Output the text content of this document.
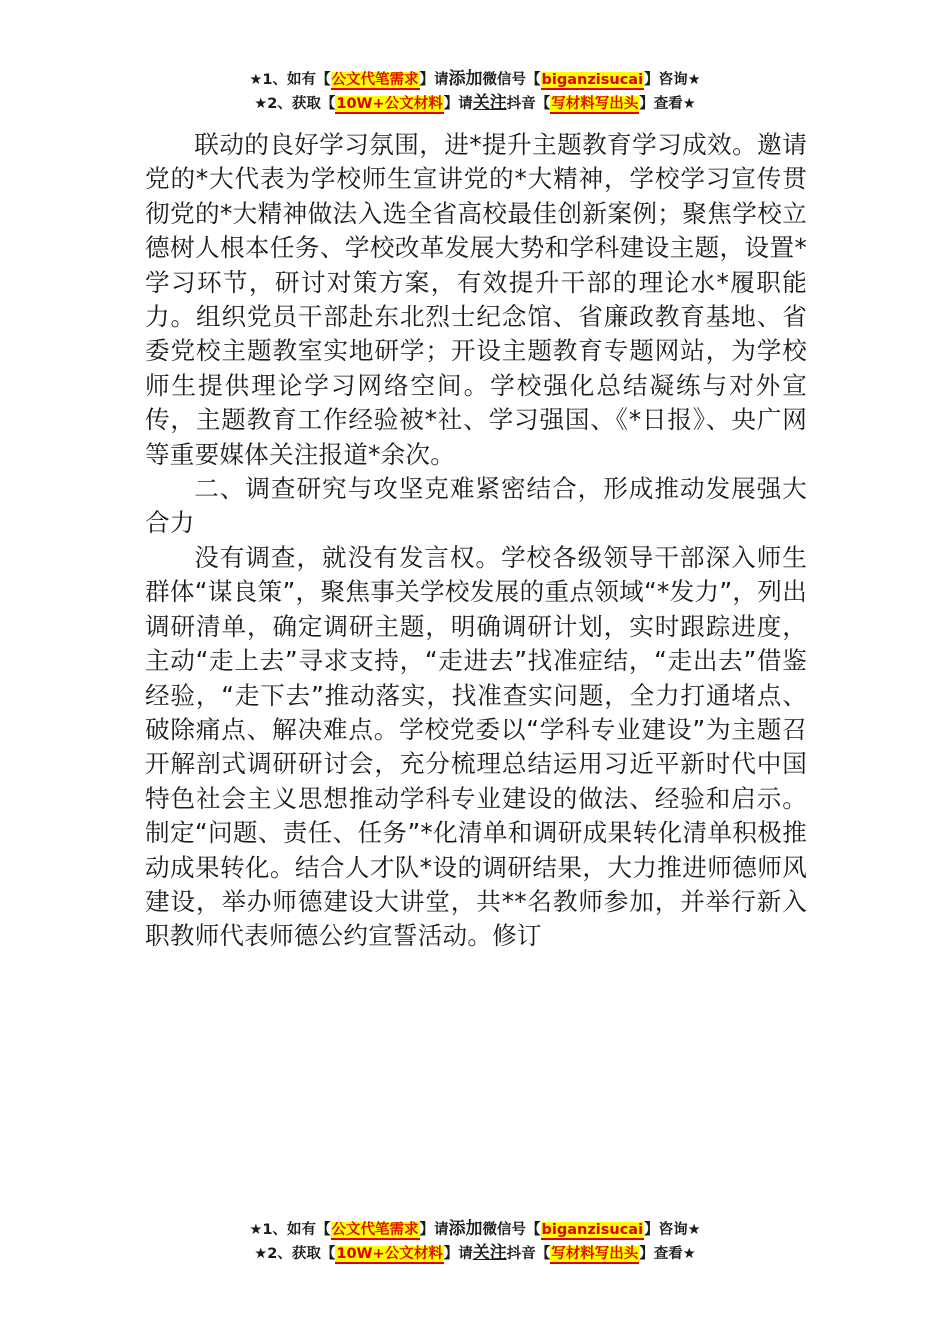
★1、如有【公文代笔需求】请添加微信号【biganzisucai】咨询★
★2、获取【10W+公文材料】请关注抖音【写材料写出头】查看★

联动的良好学习氛围，进*提升主题教育学习成效。邀请党的*大代表为学校师生宣讲党的*大精神，学校学习宣传贯彻党的*大精神做法入选全省高校最佳创新案例；聚焦学校立德树人根本任务、学校改革发展大势和学科建设主题，设置*学习环节，研讨对策方案，有效提升干部的理论水*履职能力。组织党员干部赴东北烈士纪念馆、省廉政教育基地、省委党校主题教室实地研学；开设主题教育专题网站，为学校师生提供理论学习网络空间。学校强化总结凝练与对外宣传，主题教育工作经验被*社、学习强国、《*日报》、央广网等重要媒体关注报道*余次。

二、调查研究与攻坚克难紧密结合，形成推动发展强大合力

没有调查，就没有发言权。学校各级领导干部深入师生群体“谋良策”，聚焦事关学校发展的重点领域“*发力”，列出调研清单，确定调研主题，明确调研计划，实时跟踪进度，主动“走上去”寻求支持，“走进去”找准症结，“走出去”借鉴经验，“走下去”推动落实，找准查实问题，全力打通堵点、破除痛点、解决难点。学校党委以“学科专业建设”为主题召开解剖式调研研讨会，充分梳理总结运用习近平新时代中国特色社会主义思想推动学科专业建设的做法、经验和启示。制定“问题、责任、任务”*化清单和调研成果转化清单积极推动成果转化。结合人才队*设的调研结果，大力推进师德师风建设，举办师德建设大讲堂，共**名教师参加，并举行新入职教师代表师德公约宣誓活动。修订

★1、如有【公文代笔需求】请添加微信号【biganzisucai】咨询★
★2、获取【10W+公文材料】请关注抖音【写材料写出头】查看★
